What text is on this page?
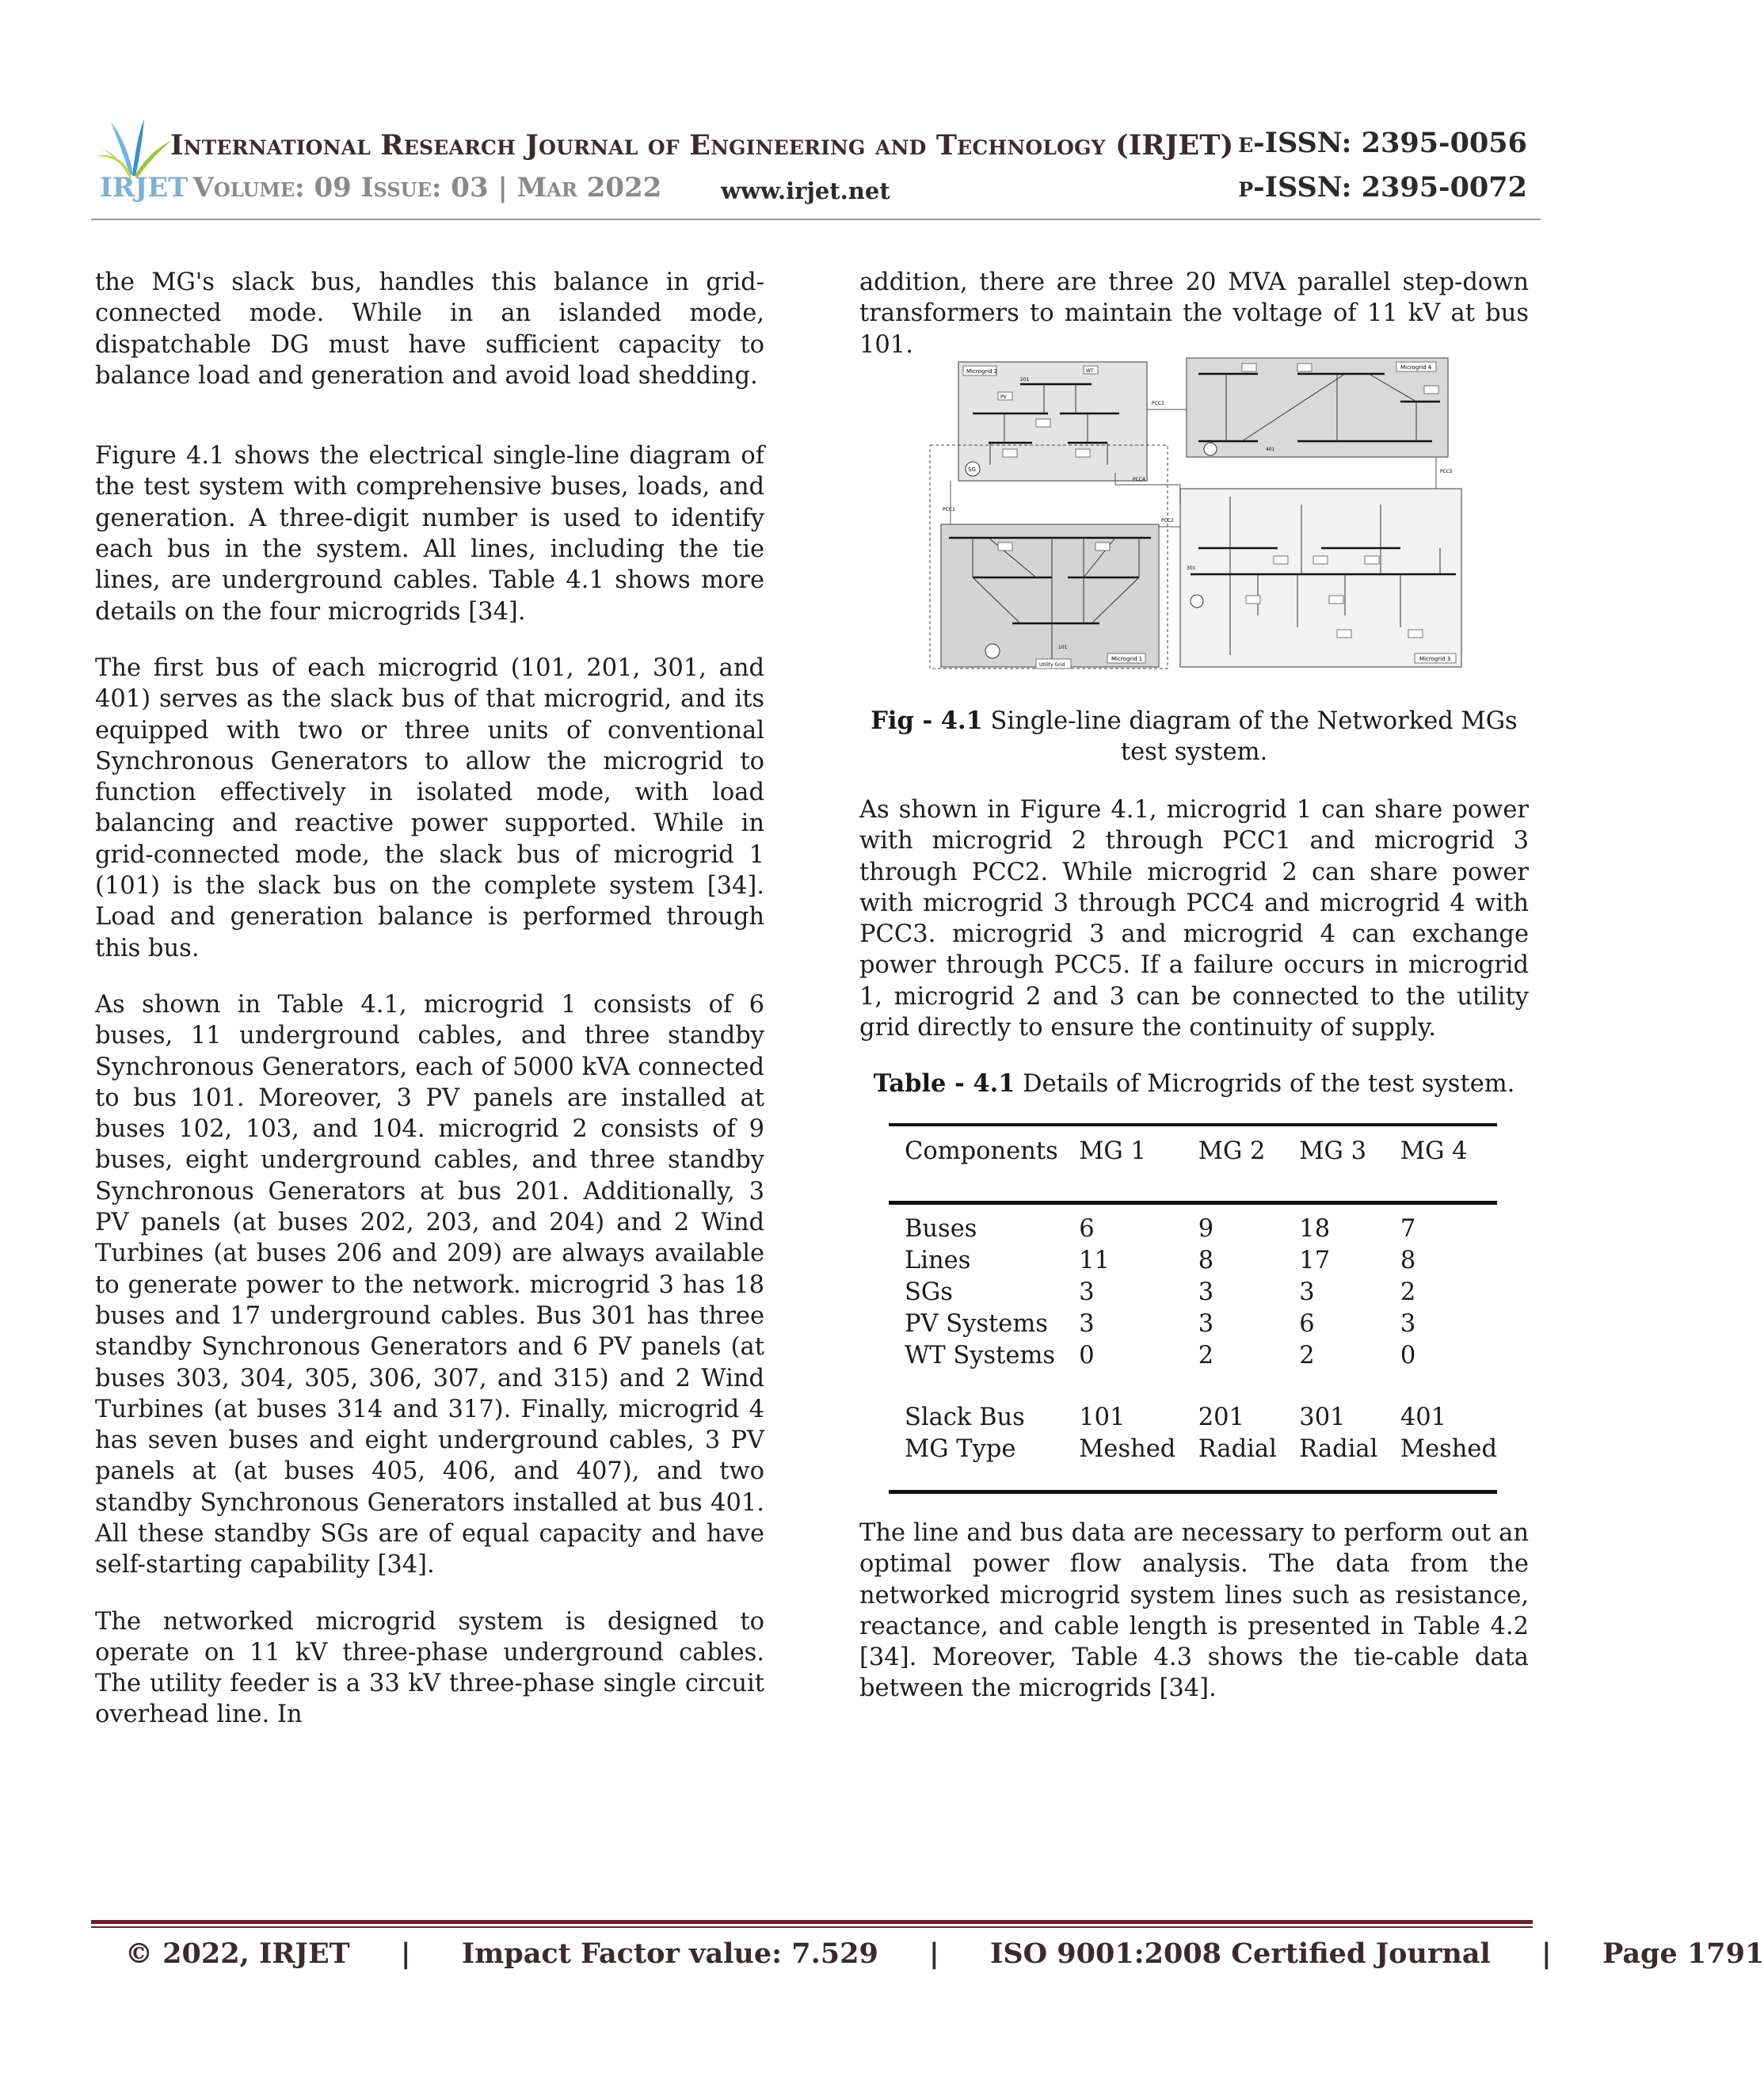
International Research Journal of Engineering and Technology (IRJET)
IRJET Volume: 09 Issue: 03 | Mar 2022	www.irjet.net
e-ISSN: 2395-0056
p-ISSN: 2395-0072

the MG's slack bus, handles this balance in grid-connected mode. While in an islanded mode, dispatchable DG must have sufficient capacity to balance load and generation and avoid load shedding.

Figure 4.1 shows the electrical single-line diagram of the test system with comprehensive buses, loads, and generation. A three-digit number is used to identify each bus in the system. All lines, including the tie lines, are underground cables. Table 4.1 shows more details on the four microgrids [34].

The first bus of each microgrid (101, 201, 301, and 401) serves as the slack bus of that microgrid, and its equipped with two or three units of conventional Synchronous Generators to allow the microgrid to function effectively in isolated mode, with load balancing and reactive power supported. While in grid-connected mode, the slack bus of microgrid 1 (101) is the slack bus on the complete system [34]. Load and generation balance is performed through this bus.

As shown in Table 4.1, microgrid 1 consists of 6 buses, 11 underground cables, and three standby Synchronous Generators, each of 5000 kVA connected to bus 101. Moreover, 3 PV panels are installed at buses 102, 103, and 104. microgrid 2 consists of 9 buses, eight underground cables, and three standby Synchronous Generators at bus 201. Additionally, 3 PV panels (at buses 202, 203, and 204) and 2 Wind Turbines (at buses 206 and 209) are always available to generate power to the network. microgrid 3 has 18 buses and 17 underground cables. Bus 301 has three standby Synchronous Generators and 6 PV panels (at buses 303, 304, 305, 306, 307, and 315) and 2 Wind Turbines (at buses 314 and 317). Finally, microgrid 4 has seven buses and eight underground cables, 3 PV panels at (at buses 405, 406, and 407), and two standby Synchronous Generators installed at bus 401. All these standby SGs are of equal capacity and have self-starting capability [34].

The networked microgrid system is designed to operate on 11 kV three-phase underground cables. The utility feeder is a 33 kV three-phase single circuit overhead line. In

addition, there are three 20 MVA parallel step-down transformers to maintain the voltage of 11 kV at bus 101.

Microgrid 2
Microgrid 4
Microgrid 1	Microgrid 3
PV
WT
SG
201
401
Utility Grid
101
301
PCC1
PCC2
PCC3
PCC4
PCC5
Fig - 4.1 Single-line diagram of the Networked MGs test system.

As shown in Figure 4.1, microgrid 1 can share power with microgrid 2 through PCC1 and microgrid 3 through PCC2. While microgrid 2 can share power with microgrid 3 through PCC4 and microgrid 4 with PCC3. microgrid 3 and microgrid 4 can exchange power through PCC5. If a failure occurs in microgrid 1, microgrid 2 and 3 can be connected to the utility grid directly to ensure the continuity of supply.

Table - 4.1 Details of Microgrids of the test system.
Components	MG 1	MG 2	MG 3	MG 4
Buses	6	9	18	7
Lines	11	8	17	8
SGs	3	3	3	2
PV Systems	3	3	6	3
WT Systems	0	2	2	0

Slack Bus	101	201	301	401
MG Type	Meshed	Radial	Radial	Meshed

The line and bus data are necessary to perform out an optimal power flow analysis. The data from the networked microgrid system lines such as resistance, reactance, and cable length is presented in Table 4.2 [34]. Moreover, Table 4.3 shows the tie-cable data between the microgrids [34].

© 2022, IRJET | Impact Factor value: 7.529 | ISO 9001:2008 Certified Journal | Page 1791
